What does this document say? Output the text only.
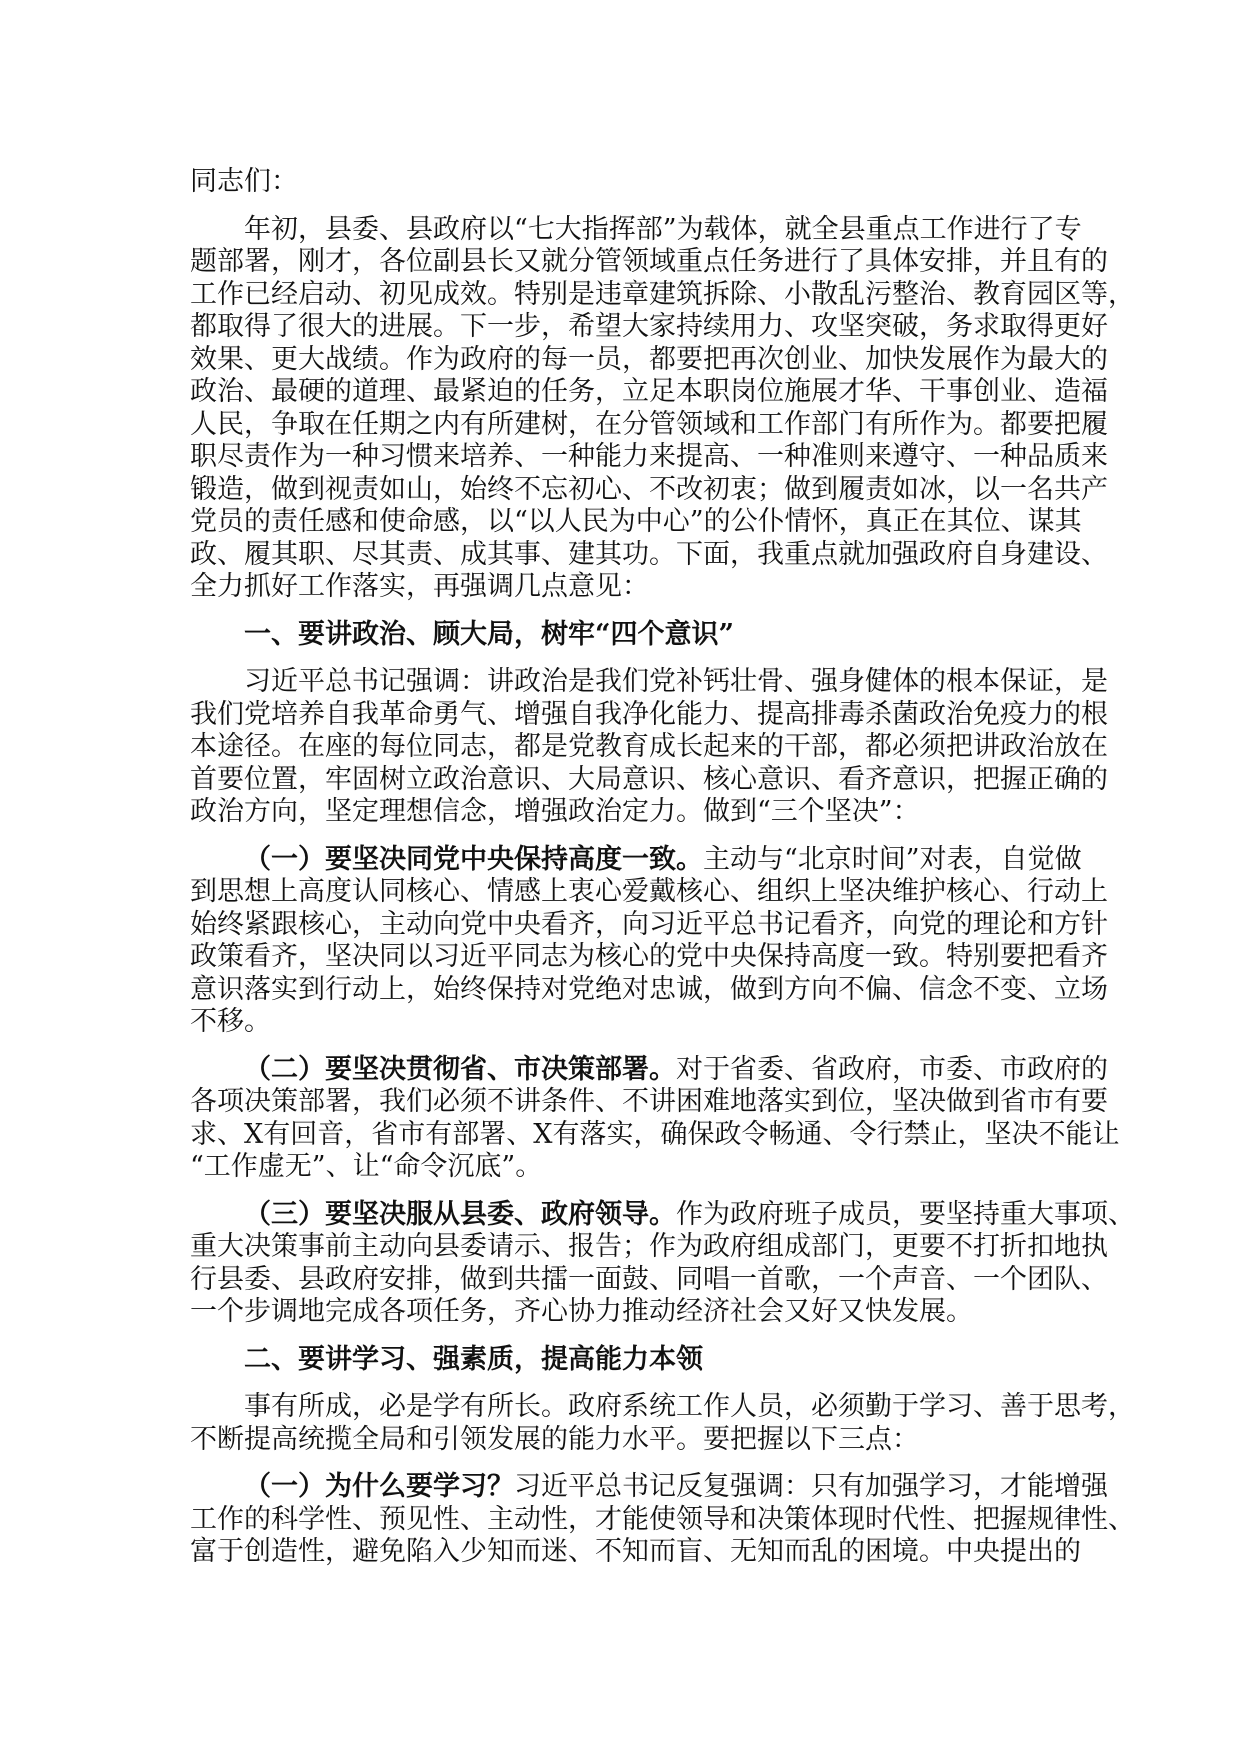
同志们：
年初，县委、县政府以“七大指挥部”为载体，就全县重点工作进行了专
题部署，刚才，各位副县长又就分管领域重点任务进行了具体安排，并且有的
工作已经启动、初见成效。特别是违章建筑拆除、小散乱污整治、教育园区等，
都取得了很大的进展。下一步，希望大家持续用力、攻坚突破，务求取得更好
效果、更大战绩。作为政府的每一员，都要把再次创业、加快发展作为最大的
政治、最硬的道理、最紧迫的任务，立足本职岗位施展才华、干事创业、造福
人民，争取在任期之内有所建树，在分管领域和工作部门有所作为。都要把履
职尽责作为一种习惯来培养、一种能力来提高、一种准则来遵守、一种品质来
锻造，做到视责如山，始终不忘初心、不改初衷；做到履责如冰，以一名共产
党员的责任感和使命感，以“以人民为中心”的公仆情怀，真正在其位、谋其
政、履其职、尽其责、成其事、建其功。下面，我重点就加强政府自身建设、
全力抓好工作落实，再强调几点意见：
一、要讲政治、顾大局，树牢“四个意识”
习近平总书记强调：讲政治是我们党补钙壮骨、强身健体的根本保证，是
我们党培养自我革命勇气、增强自我净化能力、提高排毒杀菌政治免疫力的根
本途径。在座的每位同志，都是党教育成长起来的干部，都必须把讲政治放在
首要位置，牢固树立政治意识、大局意识、核心意识、看齐意识，把握正确的
政治方向，坚定理想信念，增强政治定力。做到“三个坚决”：
（一）要坚决同党中央保持高度一致。主动与“北京时间”对表，自觉做
到思想上高度认同核心、情感上衷心爱戴核心、组织上坚决维护核心、行动上
始终紧跟核心，主动向党中央看齐，向习近平总书记看齐，向党的理论和方针
政策看齐，坚决同以习近平同志为核心的党中央保持高度一致。特别要把看齐
意识落实到行动上，始终保持对党绝对忠诚，做到方向不偏、信念不变、立场
不移。
（二）要坚决贯彻省、市决策部署。对于省委、省政府，市委、市政府的
各项决策部署，我们必须不讲条件、不讲困难地落实到位，坚决做到省市有要
求、X有回音，省市有部署、X有落实，确保政令畅通、令行禁止，坚决不能让
“工作虚无”、让“命令沉底”。
（三）要坚决服从县委、政府领导。作为政府班子成员，要坚持重大事项、
重大决策事前主动向县委请示、报告；作为政府组成部门，更要不打折扣地执
行县委、县政府安排，做到共擂一面鼓、同唱一首歌，一个声音、一个团队、
一个步调地完成各项任务，齐心协力推动经济社会又好又快发展。
二、要讲学习、强素质，提高能力本领
事有所成，必是学有所长。政府系统工作人员，必须勤于学习、善于思考，
不断提高统揽全局和引领发展的能力水平。要把握以下三点：
（一）为什么要学习？习近平总书记反复强调：只有加强学习，才能增强
工作的科学性、预见性、主动性，才能使领导和决策体现时代性、把握规律性、
富于创造性，避免陷入少知而迷、不知而盲、无知而乱的困境。中央提出的
